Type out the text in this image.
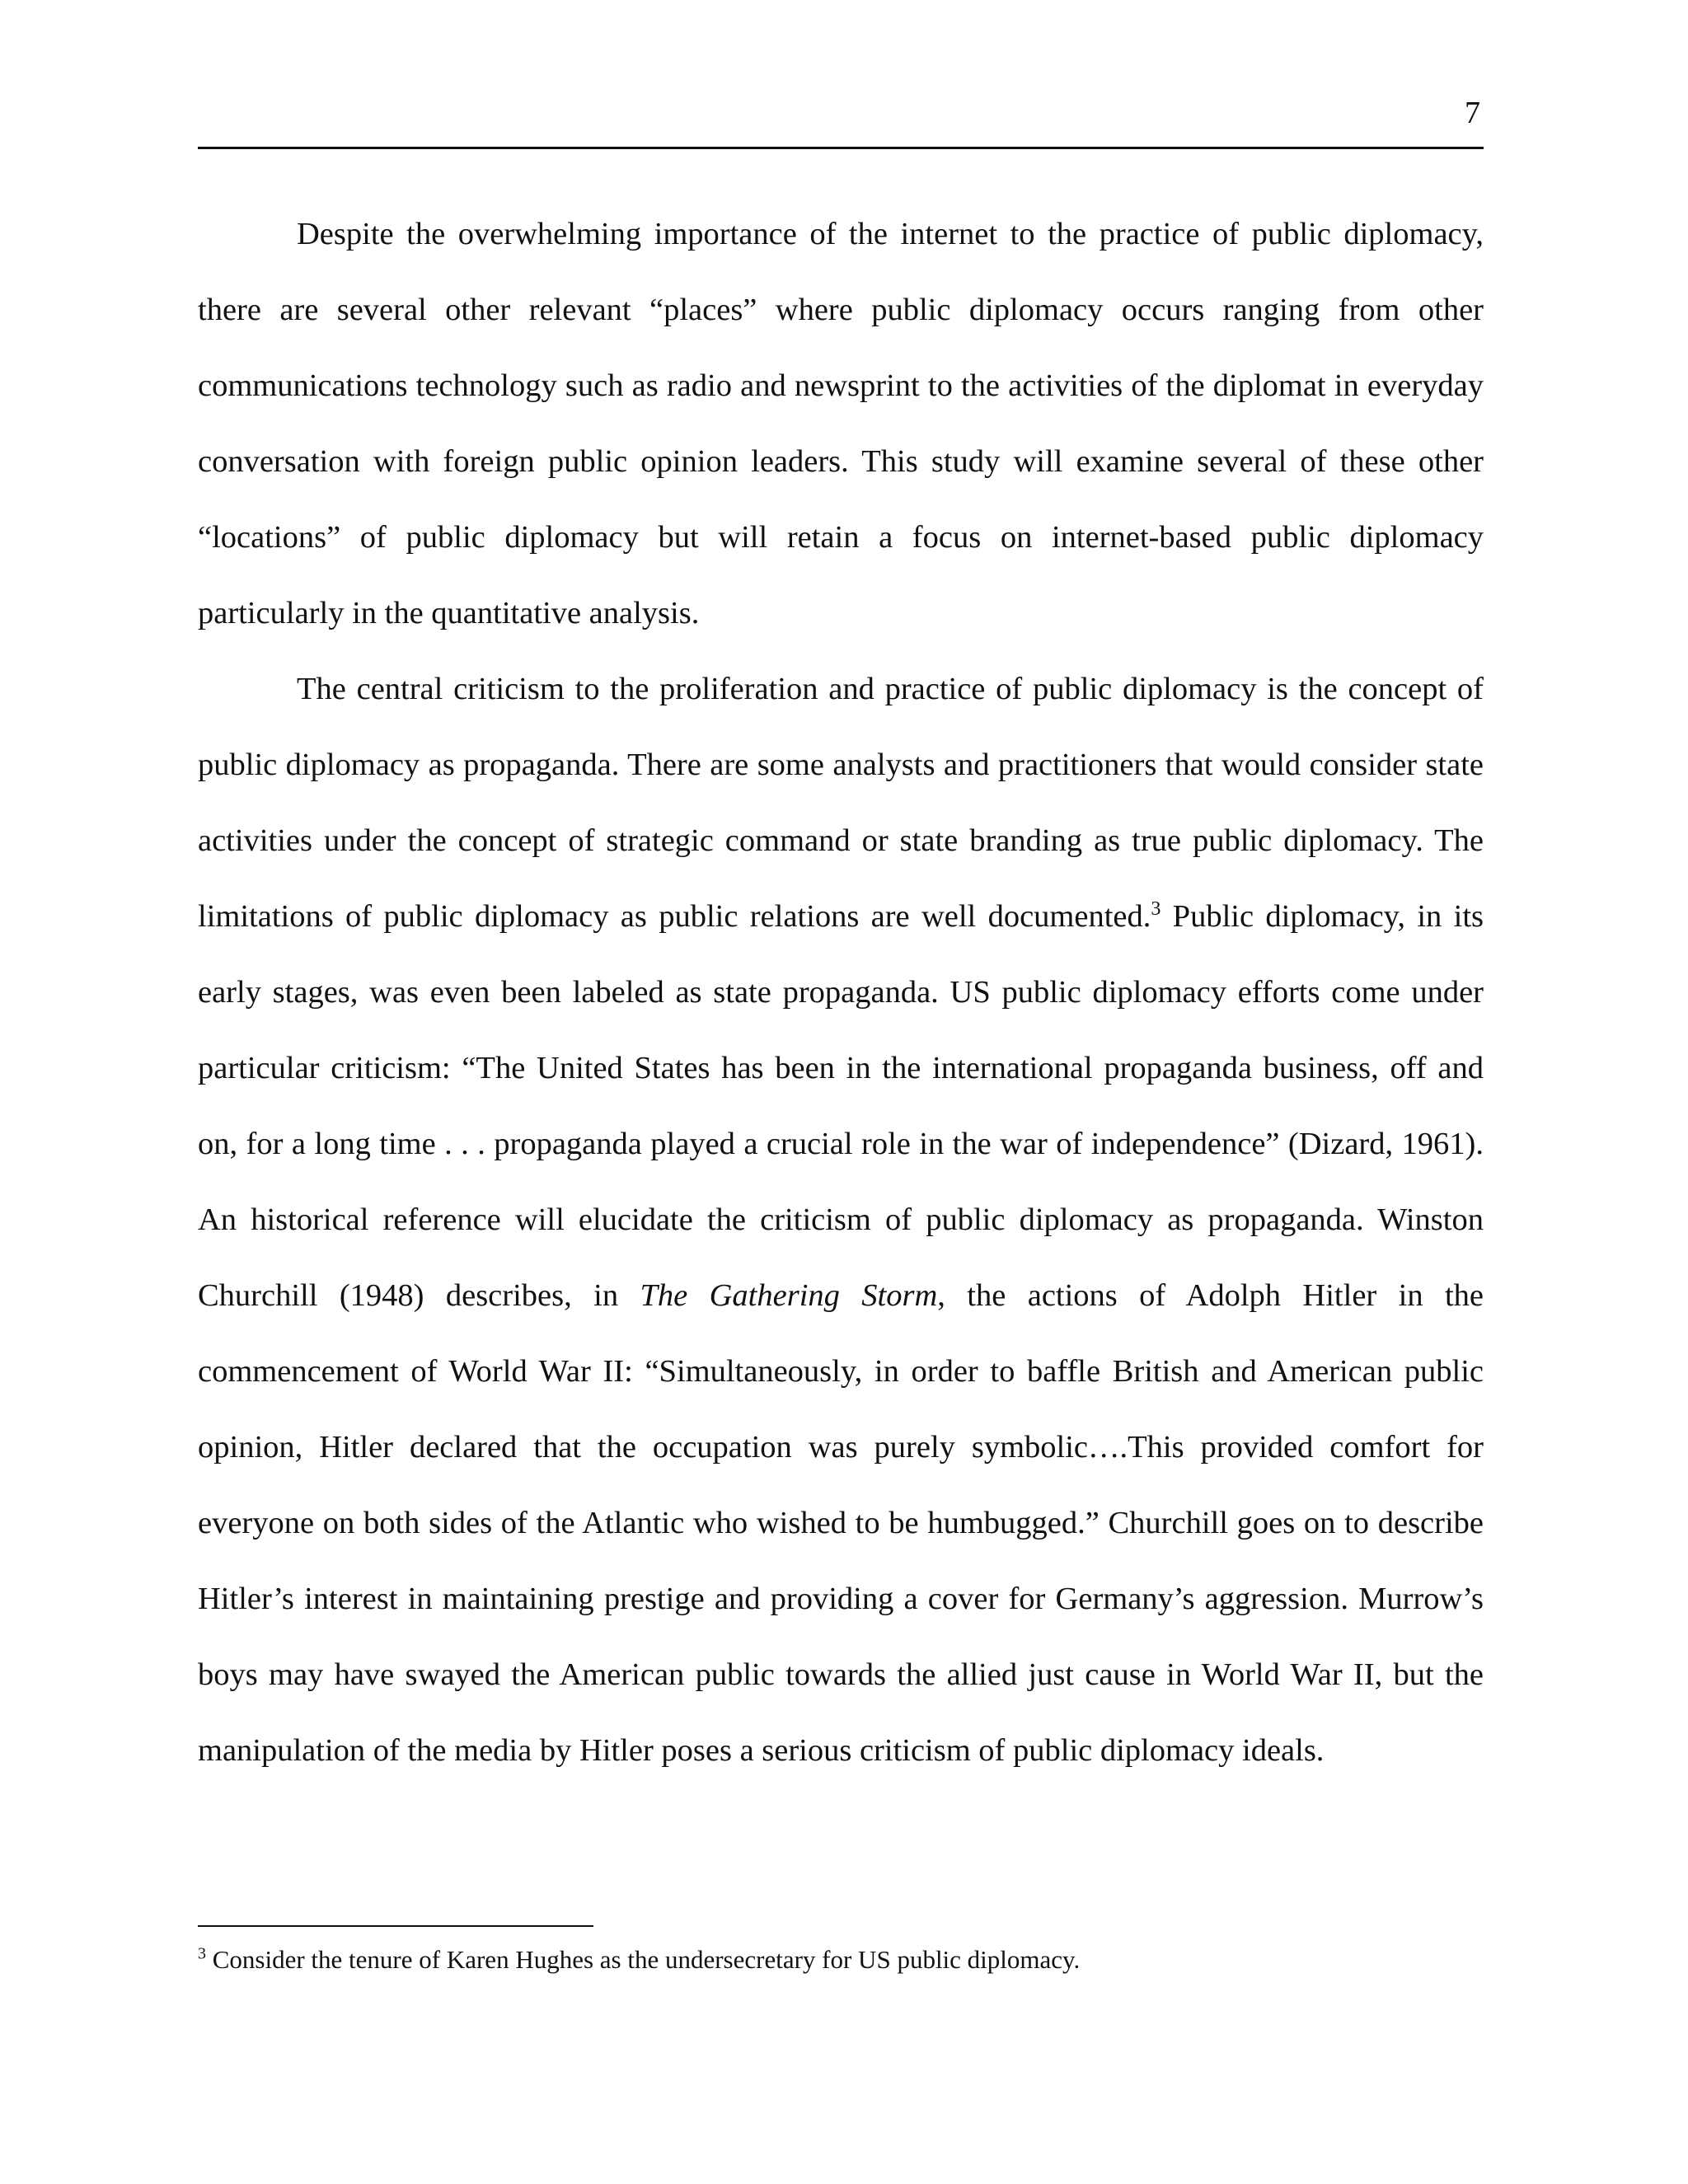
7

Despite the overwhelming importance of the internet to the practice of public diplomacy, there are several other relevant “places” where public diplomacy occurs ranging from other communications technology such as radio and newsprint to the activities of the diplomat in everyday conversation with foreign public opinion leaders. This study will examine several of these other “locations” of public diplomacy but will retain a focus on internet-based public diplomacy particularly in the quantitative analysis.

The central criticism to the proliferation and practice of public diplomacy is the concept of public diplomacy as propaganda. There are some analysts and practitioners that would consider state activities under the concept of strategic command or state branding as true public diplomacy. The limitations of public diplomacy as public relations are well documented.$^3$ Public diplomacy, in its early stages, was even been labeled as state propaganda. US public diplomacy efforts come under particular criticism: “The United States has been in the international propaganda business, off and on, for a long time . . . propaganda played a crucial role in the war of independence” (Dizard, 1961). An historical reference will elucidate the criticism of public diplomacy as propaganda. Winston Churchill (1948) describes, in The Gathering Storm, the actions of Adolph Hitler in the commencement of World War II: “Simultaneously, in order to baffle British and American public opinion, Hitler declared that the occupation was purely symbolic….This provided comfort for everyone on both sides of the Atlantic who wished to be humbugged.” Churchill goes on to describe Hitler’s interest in maintaining prestige and providing a cover for Germany’s aggression. Murrow’s boys may have swayed the American public towards the allied just cause in World War II, but the manipulation of the media by Hitler poses a serious criticism of public diplomacy ideals.

$^3$ Consider the tenure of Karen Hughes as the undersecretary for US public diplomacy.
